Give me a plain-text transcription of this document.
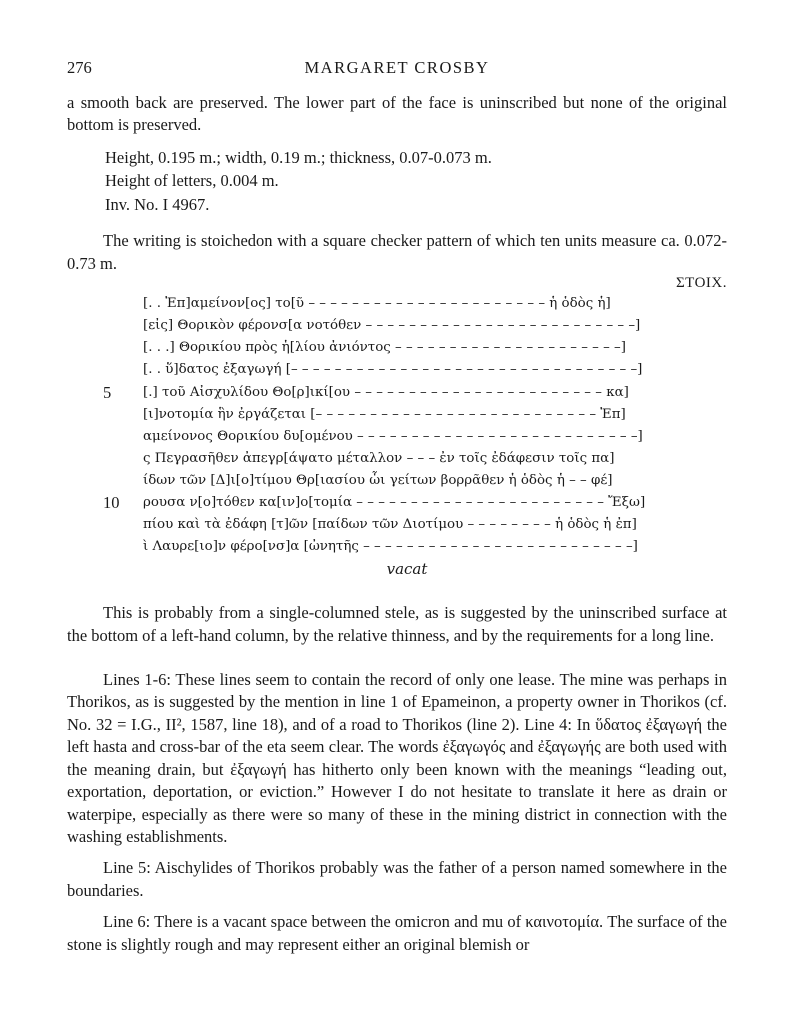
276	MARGARET CROSBY

a smooth back are preserved. The lower part of the face is uninscribed but none of the original bottom is preserved.

Height, 0.195 m.; width, 0.19 m.; thickness, 0.07-0.073 m.

Height of letters, 0.004 m.

Inv. No. I 4967.

The writing is stoichedon with a square checker pattern of which ten units measure ca. 0.072-0.73 m.

ΣΤΟΙΧ.
[. . Ἐπ]αμείνον[ος] το[ῦ – – – – – – – – – – – – – – – – – – – – – – ἡ ὁδὸς ἡ]
[εἰς] Θορικὸν φέρονσ[α νοτόθεν – – – – – – – – – – – – – – – – – – – – – – – – –]
[. . .] Θορικίου πρὸς ἡ[λίου ἀνιόντος – – – – – – – – – – – – – – – – – – – – –]
[. . ὕ]δατος ἐξαγωγή [– – – – – – – – – – – – – – – – – – – – – – – – – – – – – – – –]
5	[.] τοῦ Αἰσχυλίδου Θο[ρ]ικί[ου – – – – – – – – – – – – – – – – – – – – – – – κα]
[ι]νοτομία ἣν ἐργάζεται [– – – – – – – – – – – – – – – – – – – – – – – – – – Ἐπ]
αμείνονος Θορικίου δυ[ομένου – – – – – – – – – – – – – – – – – – – – – – – – – –]
ς Πεγρασῆθεν ἀπεγρ[άψατο μέταλλον – – – ἐν τοῖς ἐδάφεσιν τοῖς πα]
ίδων τῶν [Δ]ι[ο]τίμου Θρ[ιασίου ὧι γείτων βορρᾶθεν ἡ ὁδὸς ἡ – – φέ]
10	ρουσα ν[ο]τόθεν κα[ιν]ο[τομία – – – – – – – – – – – – – – – – – – – – – – – Ἔξω]
πίου καὶ τὰ ἐδάφη [τ]ῶν [παίδων τῶν Διοτίμου – – – – – – – – ἡ ὁδὸς ἡ ἐπ]
ὶ Λαυρε[ιο]ν φέρο[νσ]α [ὠνητῆς – – – – – – – – – – – – – – – – – – – – – – – – –]
vacat

This is probably from a single-columned stele, as is suggested by the uninscribed surface at the bottom of a left-hand column, by the relative thinness, and by the requirements for a long line.

Lines 1-6: These lines seem to contain the record of only one lease. The mine was perhaps in Thorikos, as is suggested by the mention in line 1 of Epameinon, a property owner in Thorikos (cf. No. 32 = I.G., II², 1587, line 18), and of a road to Thorikos (line 2). Line 4: In ὕδατος ἐξαγωγή the left hasta and cross-bar of the eta seem clear. The words ἐξαγωγός and ἐξαγωγής are both used with the meaning drain, but ἐξαγωγή has hitherto only been known with the meanings “leading out, exportation, deportation, or eviction.” However I do not hesitate to translate it here as drain or waterpipe, especially as there were so many of these in the mining district in connection with the washing establishments.

Line 5: Aischylides of Thorikos probably was the father of a person named somewhere in the boundaries.

Line 6: There is a vacant space between the omicron and mu of καινοτομία. The surface of the stone is slightly rough and may represent either an original blemish or
